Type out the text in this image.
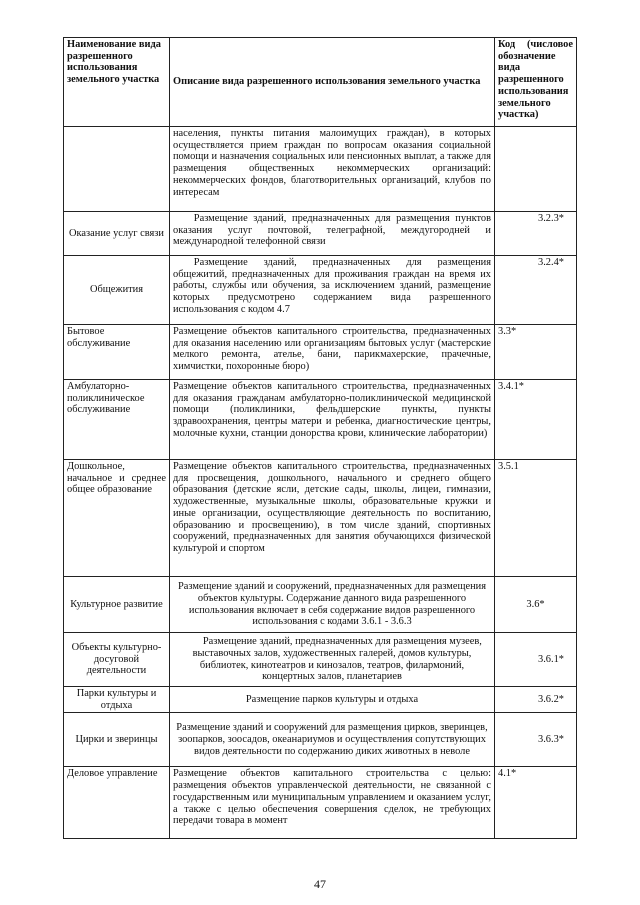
Наименование вида разрешенного использования земельного участка	Описание вида разрешенного использования земельного участка	Код (числовое обозначение вида разрешенного использования земельного участка)
	населения, пункты питания малоимущих граждан), в которых осуществляется прием граждан по вопросам оказания социальной помощи и назначения социальных или пенсионных выплат, а также для размещения общественных некоммерческих организаций: некоммерческих фондов, благотворительных организаций, клубов по интересам	
Оказание услуг связи	Размещение зданий, предназначенных для размещения пунктов оказания услуг почтовой, телеграфной, междугородней и международной телефонной связи	3.2.3*
Общежития	Размещение зданий, предназначенных для размещения общежитий, предназначенных для проживания граждан на время их работы, службы или обучения, за исключением зданий, размещение которых предусмотрено содержанием вида разрешенного использования с кодом 4.7	3.2.4*
Бытовое обслуживание	Размещение объектов капитального строительства, предназначенных для оказания населению или организациям бытовых услуг (мастерские мелкого ремонта, ателье, бани, парикмахерские, прачечные, химчистки, похоронные бюро)	3.3*
Амбулаторно-поликлиническое обслуживание	Размещение объектов капитального строительства, предназначенных для оказания гражданам амбулаторно-поликлинической медицинской помощи (поликлиники, фельдшерские пункты, пункты здравоохранения, центры матери и ребенка, диагностические центры, молочные кухни, станции донорства крови, клинические лаборатории)	3.4.1*
Дошкольное, начальное и среднее общее образование	Размещение объектов капитального строительства, предназначенных для просвещения, дошкольного, начального и среднего общего образования (детские ясли, детские сады, школы, лицеи, гимназии, художественные, музыкальные школы, образовательные кружки и иные организации, осуществляющие деятельность по воспитанию, образованию и просвещению), в том числе зданий, спортивных сооружений, предназначенных для занятия обучающихся физической культурой и спортом	3.5.1
Культурное развитие	Размещение зданий и сооружений, предназначенных для размещения объектов культуры. Содержание данного вида разрешенного использования включает в себя содержание видов разрешенного использования с кодами 3.6.1 - 3.6.3	3.6*
Объекты культурно-досуговой деятельности	Размещение зданий, предназначенных для размещения музеев, выставочных залов, художественных галерей, домов культуры, библиотек, кинотеатров и кинозалов, театров, филармоний, концертных залов, планетариев	3.6.1*
Парки культуры и отдыха	Размещение парков культуры и отдыха	3.6.2*
Цирки и зверинцы	Размещение зданий и сооружений для размещения цирков, зверинцев, зоопарков, зоосадов, океанариумов и осуществления сопутствующих видов деятельности по содержанию диких животных в неволе	3.6.3*
Деловое управление	Размещение объектов капитального строительства с целью: размещения объектов управленческой деятельности, не связанной с государственным или муниципальным управлением и оказанием услуг, а также с целью обеспечения совершения сделок, не требующих передачи товара в момент	4.1*
47
